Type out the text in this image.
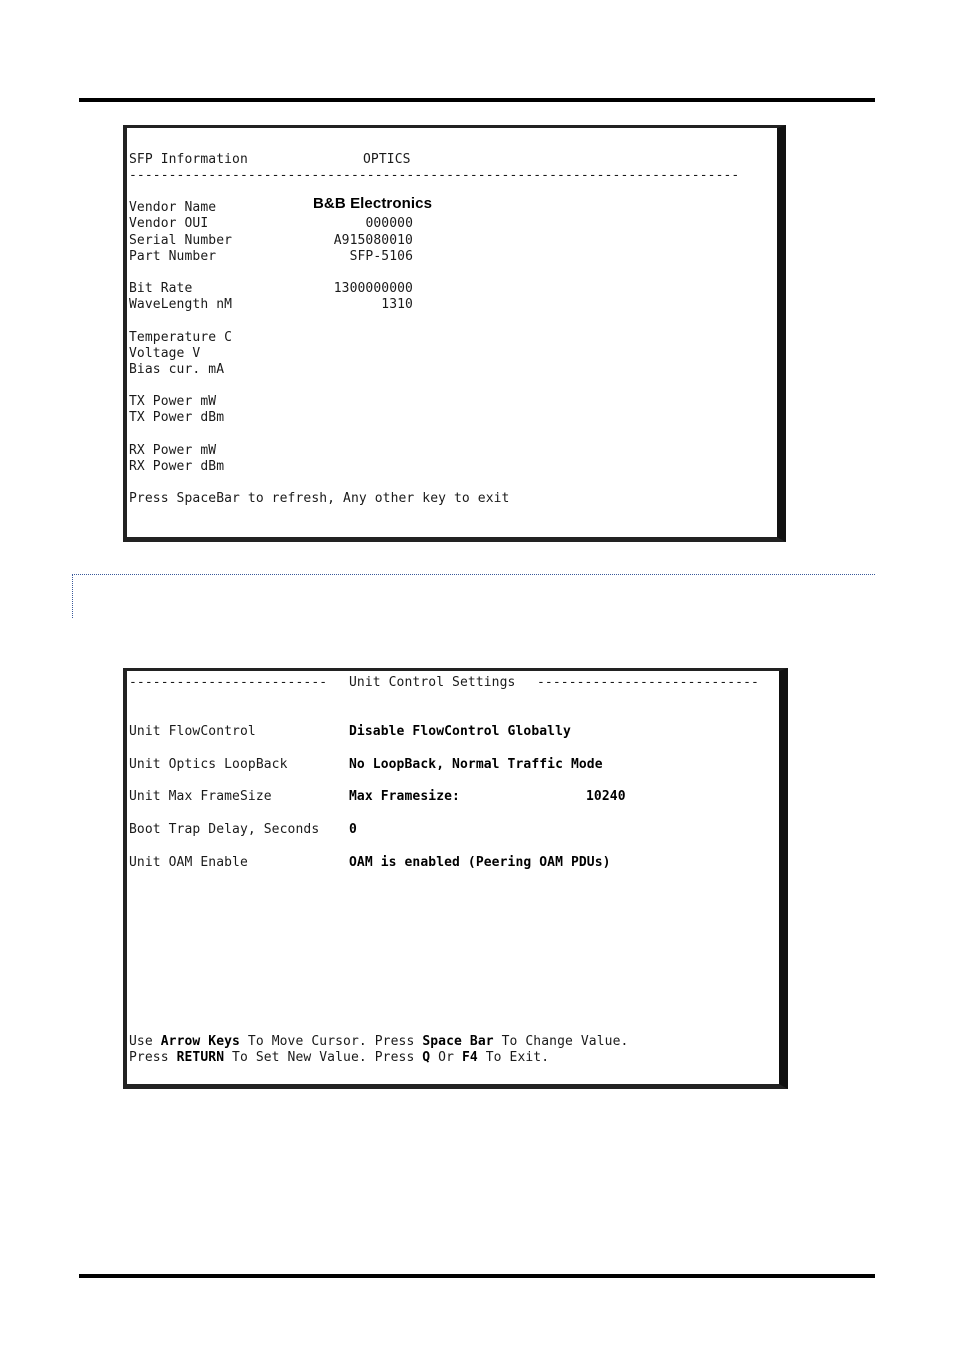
SFP Information	OPTICS
-----------------------------------------------------------------------------
Vendor Name	B&B Electronics
Vendor OUI	000000
Serial Number	A915080010
Part Number	SFP-5106
Bit Rate	1300000000
WaveLength nM	1310
Temperature C
Voltage V
Bias cur. mA
TX Power mW
TX Power dBm
RX Power mW
RX Power dBm
Press SpaceBar to refresh, Any other key to exit
------------------------- Unit Control Settings ----------------------------
Unit FlowControl	Disable FlowControl Globally
Unit Optics LoopBack	No LoopBack, Normal Traffic Mode
Unit Max FrameSize	Max Framesize:	10240
Boot Trap Delay, Seconds 0
Unit OAM Enable	OAM is enabled (Peering OAM PDUs)
Use Arrow Keys To Move Cursor. Press Space Bar To Change Value.
Press RETURN To Set New Value. Press Q Or F4 To Exit.
